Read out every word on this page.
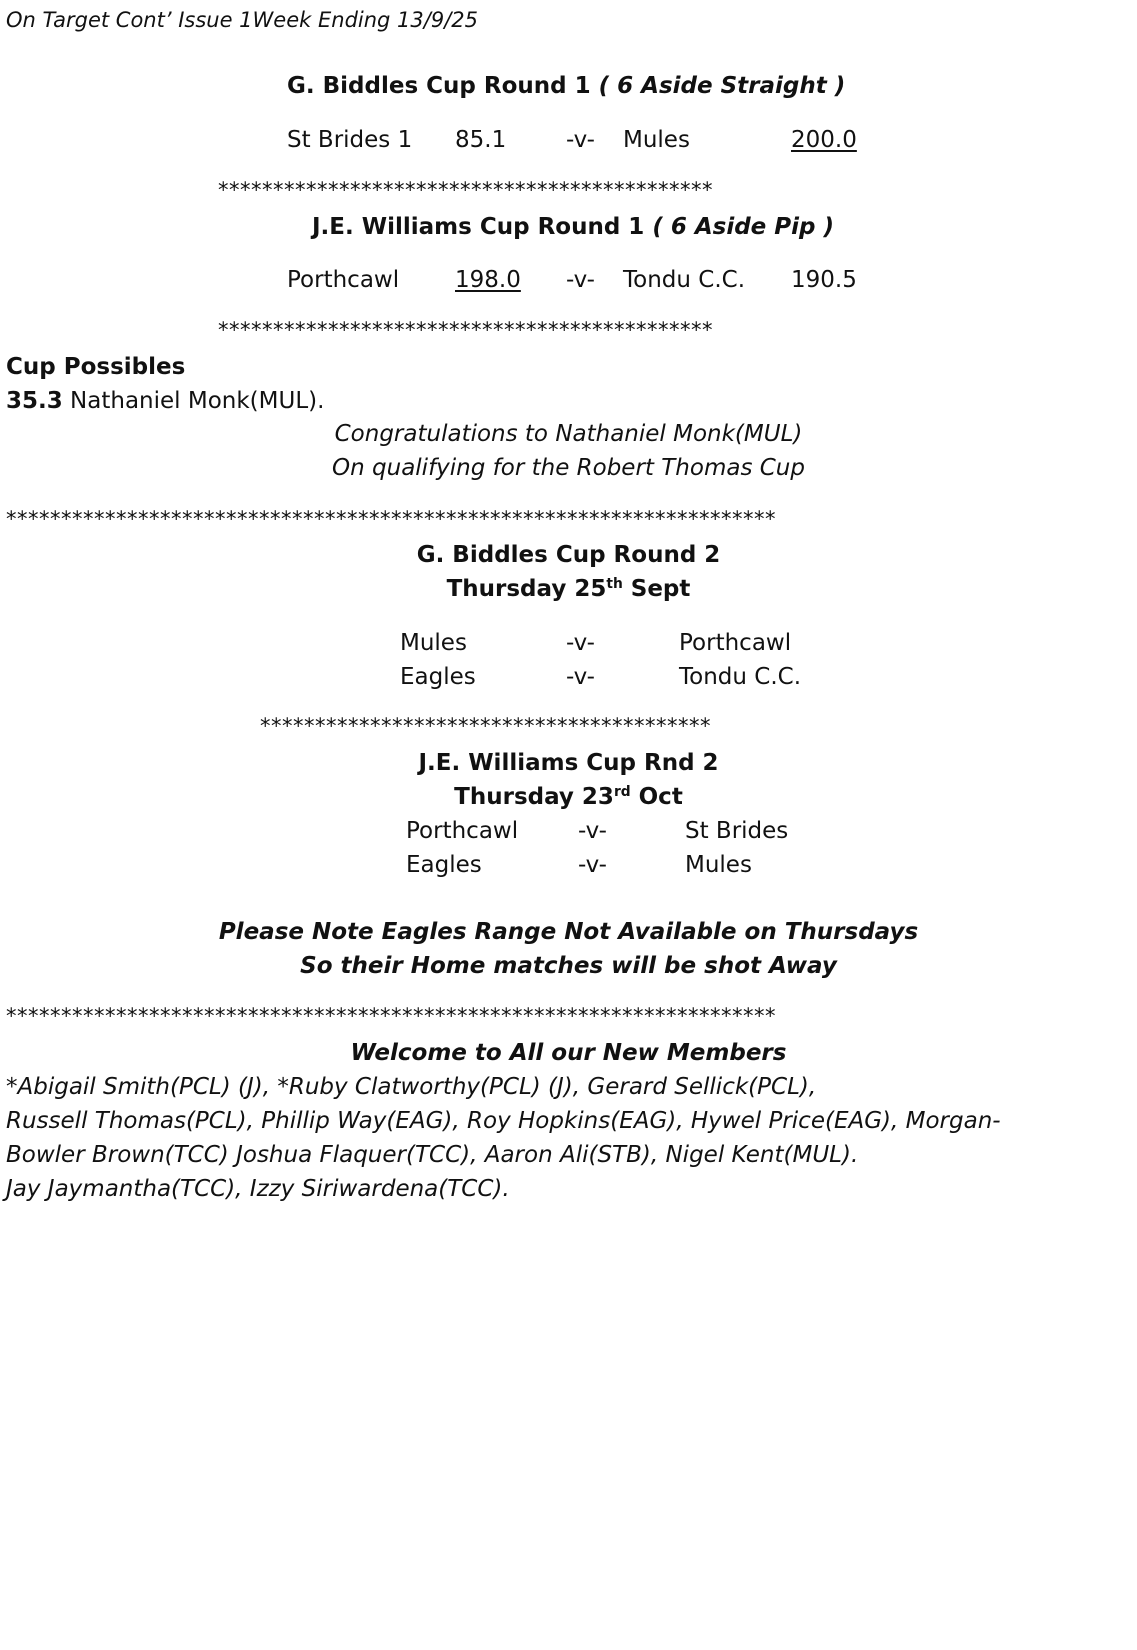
On Target Cont’ Issue 1Week Ending 13/9/25
G. Biddles Cup Round 1 ( 6 Aside Straight )
St Brides 1 85.1	-v- Mules	200.0
*********************************************
J.E. Williams Cup Round 1 ( 6 Aside Pip )
Porthcawl 198.0 -v- Tondu C.C. 190.5
*********************************************
Cup Possibles
35.3 Nathaniel Monk(MUL).
Congratulations to Nathaniel Monk(MUL)
On qualifying for the Robert Thomas Cup
**********************************************************************
G. Biddles Cup Round 2
Thursday 25th Sept
Mules	-v-	Porthcawl
Eagles	-v-	Tondu C.C.
*****************************************
J.E. Williams Cup Rnd 2
Thursday 23rd Oct
Porthcawl	-v-	St Brides
Eagles	-v-	Mules
Please Note Eagles Range Not Available on Thursdays
So their Home matches will be shot Away
**********************************************************************
Welcome to All our New Members
*Abigail Smith(PCL) (J), *Ruby Clatworthy(PCL) (J), Gerard Sellick(PCL),
Russell Thomas(PCL), Phillip Way(EAG), Roy Hopkins(EAG), Hywel Price(EAG), Morgan-
Bowler Brown(TCC) Joshua Flaquer(TCC), Aaron Ali(STB), Nigel Kent(MUL).
Jay Jaymantha(TCC), Izzy Siriwardena(TCC).
